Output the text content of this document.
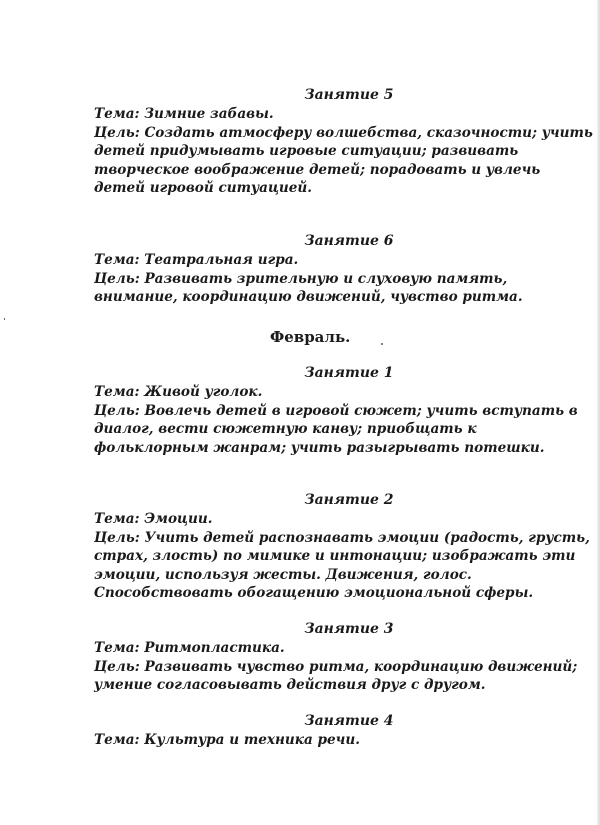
Занятие 5

Тема: Зимние забавы.

Цель: Создать атмосферу волшебства, сказочности; учить

детей придумывать игровые ситуации; развивать

творческое воображение детей; порадовать и увлечь

детей игровой ситуацией.

Занятие 6

Тема: Театральная игра.

Цель: Развивать зрительную и слуховую память,

внимание, координацию движений, чувство ритма.

Февраль.

Занятие 1

Тема: Живой уголок.

Цель: Вовлечь детей в игровой сюжет; учить вступать в

диалог, вести сюжетную канву; приобщать к

фольклорным жанрам; учить разыгрывать потешки.

Занятие 2

Тема: Эмоции.

Цель: Учить детей распознавать эмоции (радость, грусть,

страх, злость) по мимике и интонации; изображать эти

эмоции, используя жесты. Движения, голос.

Способствовать обогащению эмоциональной сферы.

Занятие 3

Тема: Ритмопластика.

Цель: Развивать чувство ритма, координацию движений;

умение согласовывать действия друг с другом.

Занятие 4

Тема: Культура и техника речи.
